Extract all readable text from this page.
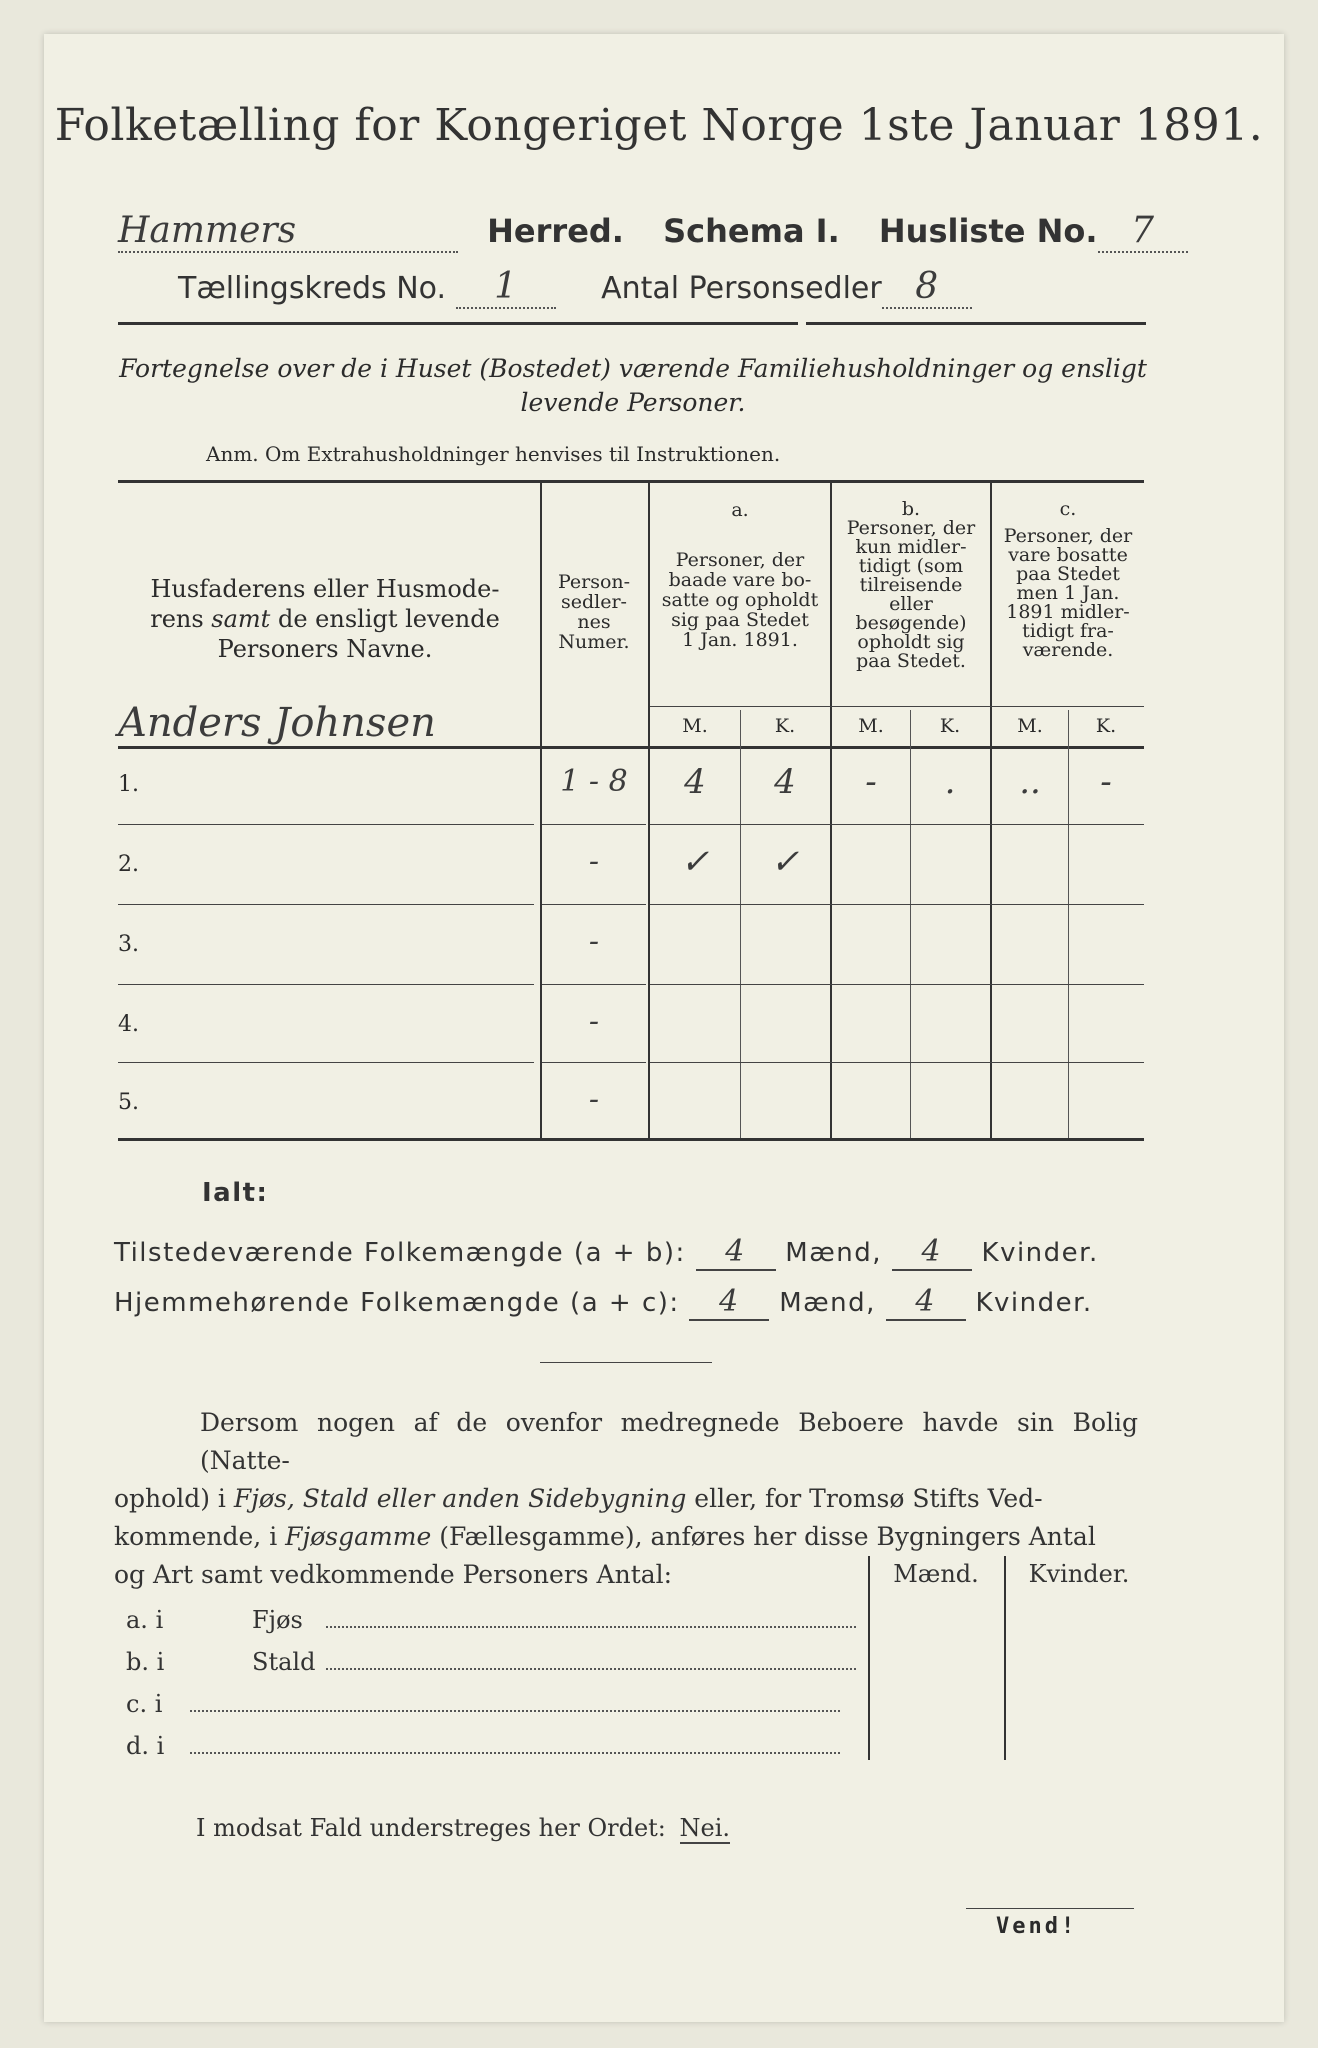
Folketælling for Kongeriget Norge 1ste Januar 1891.
Hammers	Herred. Schema I. Husliste No. 7
Tællingskreds No. 1	Antal Personsedler 8
Fortegnelse over de i Huset (Bostedet) værende Familiehusholdninger og ensligt
levende Personer.
Anm. Om Extrahusholdninger henvises til Instruktionen.
Husfaderens eller Husmode-
rens samt de ensligt levende
Personers Navne.
Person-
sedler-
nes
Numer.
a.
Personer, der
baade vare bo-
satte og opholdt
sig paa Stedet
1 Jan. 1891.
b.
Personer, der
kun midler-
tidigt (som
tilreisende
eller
besøgende)
opholdt sig
paa Stedet.
c.
Personer, der
vare bosatte
paa Stedet
men 1 Jan.
1891 midler-
tidigt fra-
værende.
M.	K.	M.	K.	M.	K.
Anders Johnsen
1.	1 - 8	4	4	-	.	..	-
2.	-	✓	✓
3.	-
4.	-
5.	-
Ialt:
Tilstedeværende Folkemængde (a + b): 4 Mænd, 4 Kvinder.
Hjemmehørende Folkemængde (a + c): 4 Mænd, 4 Kvinder.
Dersom nogen af de ovenfor medregnede Beboere havde sin Bolig (Natte-
ophold) i Fjøs, Stald eller anden Sidebygning eller, for Tromsø Stifts Ved-
kommende, i Fjøsgamme (Fællesgamme), anføres her disse Bygningers Antal
og Art samt vedkommende Personers Antal:	Mænd.	Kvinder.
a. i	Fjøs
b. i	Stald
c. i
d. i
I modsat Fald understreges her Ordet: Nei.
Vend!
